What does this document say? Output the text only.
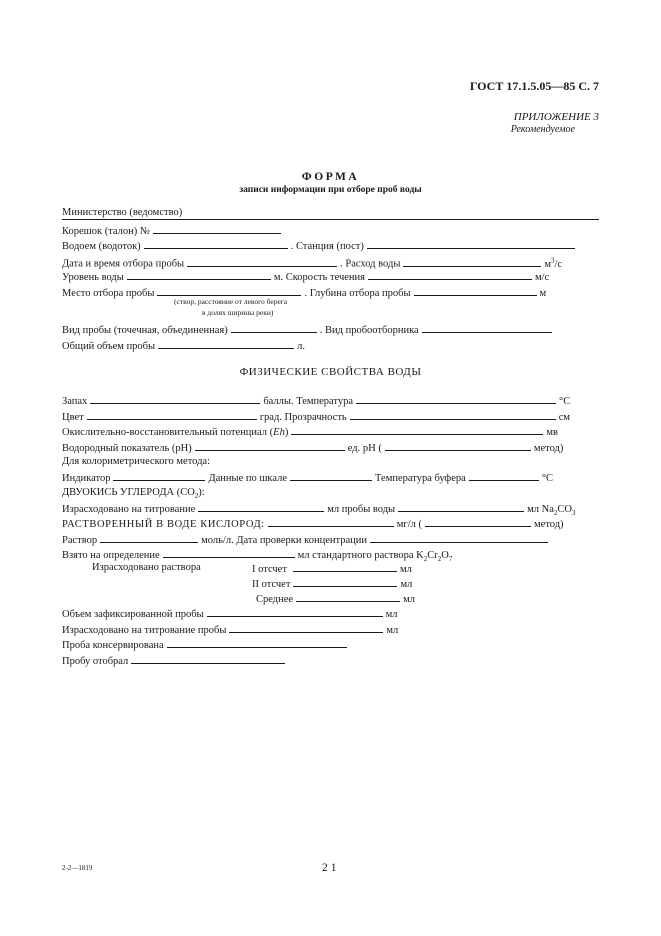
ГОСТ 17.1.5.05—85 С. 7
ПРИЛОЖЕНИЕ 3
Рекомендуемое
ФОРМА
записи информации при отборе проб воды
Министерство (ведомство)
Корешок (талон) №
Водоем (водоток)	. Станция (пост)
Дата и время отбора пробы	. Расход воды	$м^3/с$
Уровень воды	м. Скорость течения	м/с
Место отбора пробы	. Глубина отбора пробы	м
(створ, расстояние от левого берега
в долях ширины реки)
Вид пробы (точечная, объединенная)	. Вид пробоотборника
Общий объем пробы	л.
ФИЗИЧЕСКИЕ СВОЙСТВА ВОДЫ
Запах	баллы. Температура	°С
Цвет	град. Прозрачность	см
Окислительно-восстановительный потенциал (Eh)	мв
Водородный показатель (рН)	ед. рН (	метод)
Для колориметрического метода:
Индикатор	Данные по шкале	Температура буфера	°С
ДВУОКИСЬ УГЛЕРОДА $(СО_2)$:
Израсходовано на титрование	мл пробы воды	мл $Na_2CO_3$
РАСТВОРЕННЫЙ В ВОДЕ КИСЛОРОД:	мг/л (	метод)
Раствор	моль/л. Дата проверки концентрации
Взято на определение	мл стандартного раствора $K_2Cr_2O_7$
Израсходовано раствора	I отсчет	мл
II отсчет	мл
Среднее	мл
Объем зафиксированной пробы	мл
Израсходовано на титрование пробы	мл
Проба консервирована
Пробу отобрал
2-2—1819	21
